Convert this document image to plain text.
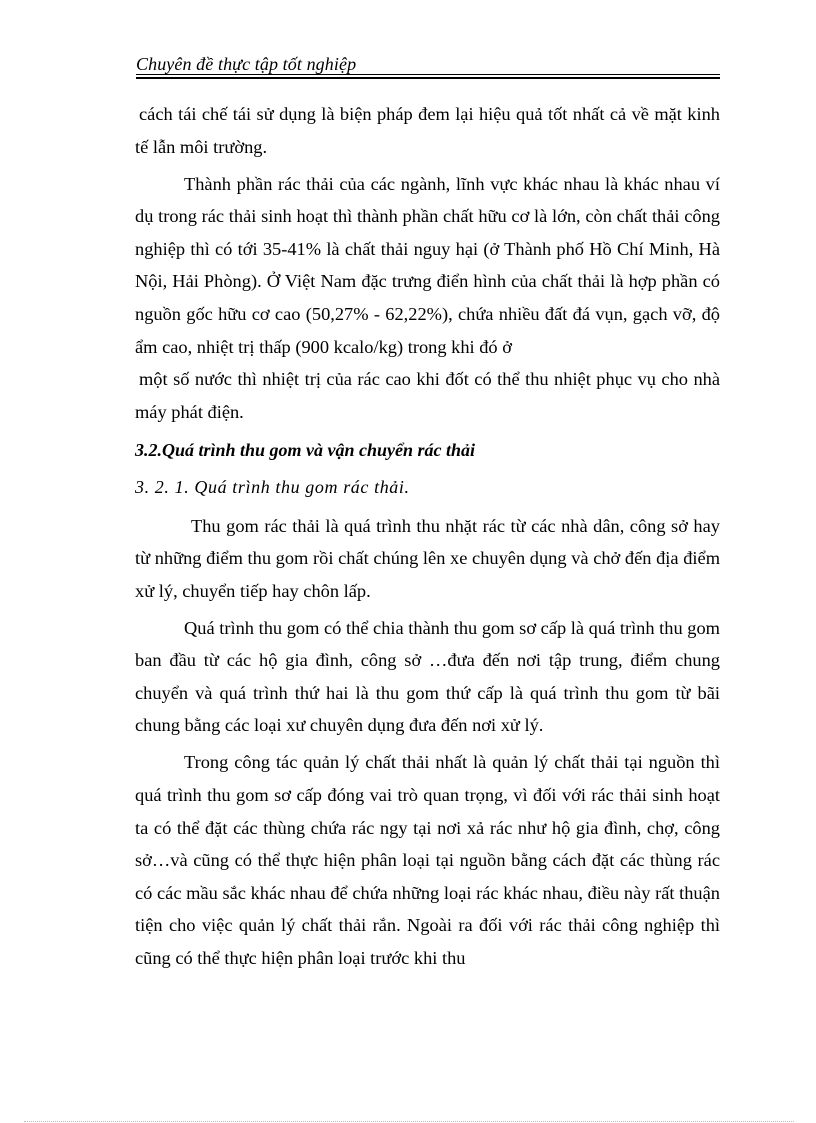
Chuyên đề thực tập tốt nghiệp

cách tái chế tái sử dụng là biện pháp đem lại hiệu quả tốt nhất cả về mặt kinh tế lẫn môi trường.

Thành phần rác thải của các ngành, lĩnh vực khác nhau là khác nhau ví dụ trong rác thải sinh hoạt thì thành phần chất hữu cơ là lớn, còn chất thải công nghiệp thì có tới 35-41% là chất thải nguy hại (ở Thành phố Hồ Chí Minh, Hà Nội, Hải Phòng). Ở Việt Nam đặc trưng điển hình của chất thải là hợp phần có nguồn gốc hữu cơ cao (50,27% - 62,22%), chứa nhiều đất đá vụn, gạch vỡ, độ ẩm cao, nhiệt trị thấp (900 kcalo/kg) trong khi đó ở

một số nước thì nhiệt trị của rác cao khi đốt có thể thu nhiệt phục vụ cho nhà máy phát điện.

3.2.Quá trình thu gom và vận chuyển rác thải

3. 2. 1. Quá trình thu gom rác thải.

Thu gom rác thải là quá trình thu nhặt rác từ các nhà dân, công sở hay từ những điểm thu gom rồi chất chúng lên xe chuyên dụng và chở đến địa điểm xử lý, chuyển tiếp hay chôn lấp.

Quá trình thu gom có thể chia thành thu gom sơ cấp là quá trình thu gom ban đầu từ các hộ gia đình, công sở …đưa đến nơi tập trung, điểm chung chuyển và quá trình thứ hai là thu gom thứ cấp là quá trình thu gom từ bãi chung bằng các loại xư chuyên dụng đưa đến nơi xử lý.

Trong công tác quản lý chất thải nhất là quản lý chất thải tại nguồn thì quá trình thu gom sơ cấp đóng vai trò quan trọng, vì đối với rác thải sinh hoạt ta có thể đặt các thùng chứa rác ngy tại nơi xả rác như hộ gia đình, chợ, công sở…và cũng có thể thực hiện phân loại tại nguồn bằng cách đặt các thùng rác có các mầu sắc khác nhau để chứa những loại rác khác nhau, điều này rất thuận tiện cho việc quản lý chất thải rắn. Ngoài ra đối với rác thải công nghiệp thì cũng có thể thực hiện phân loại trước khi thu
